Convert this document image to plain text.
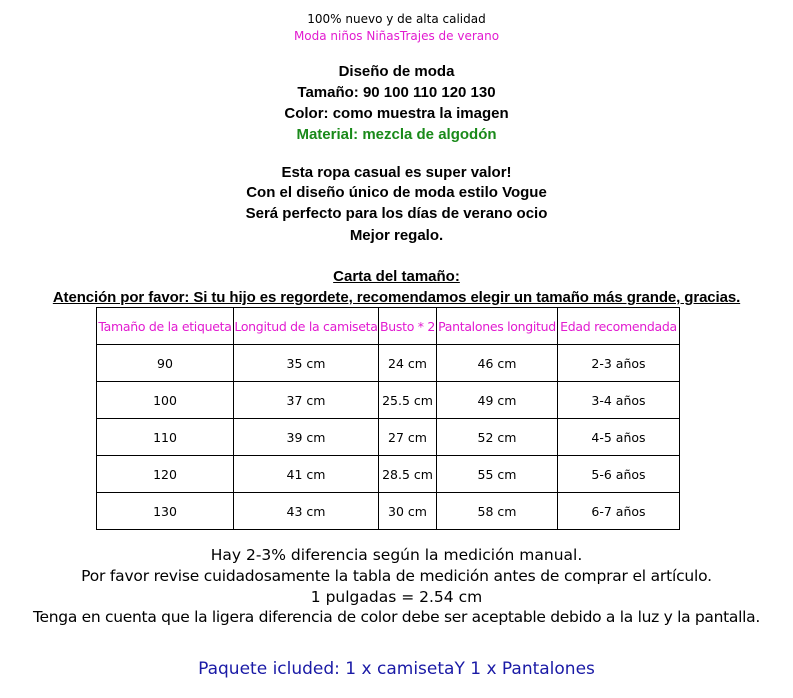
100% nuevo y de alta calidad
Moda niños NiñasTrajes de verano
Diseño de moda
Tamaño: 90 100 110 120 130
Color: como muestra la imagen
Material: mezcla de algodón
Esta ropa casual es super valor!
Con el diseño único de moda estilo Vogue
Será perfecto para los días de verano ocio
Mejor regalo.
Carta del tamaño:
Atención por favor: Si tu hijo es regordete, recomendamos elegir un tamaño más grande, gracias.
Tamaño de la etiqueta	Longitud de la camiseta	Busto * 2	Pantalones longitud	Edad recomendada
90	35 cm	24 cm	46 cm	2-3 años
100	37 cm	25.5 cm	49 cm	3-4 años
110	39 cm	27 cm	52 cm	4-5 años
120	41 cm	28.5 cm	55 cm	5-6 años
130	43 cm	30 cm	58 cm	6-7 años
Hay 2-3% diferencia según la medición manual.
Por favor revise cuidadosamente la tabla de medición antes de comprar el artículo.
1 pulgadas = 2.54 cm
Tenga en cuenta que la ligera diferencia de color debe ser aceptable debido a la luz y la pantalla.
Paquete icluded: 1 x camisetaY 1 x Pantalones
